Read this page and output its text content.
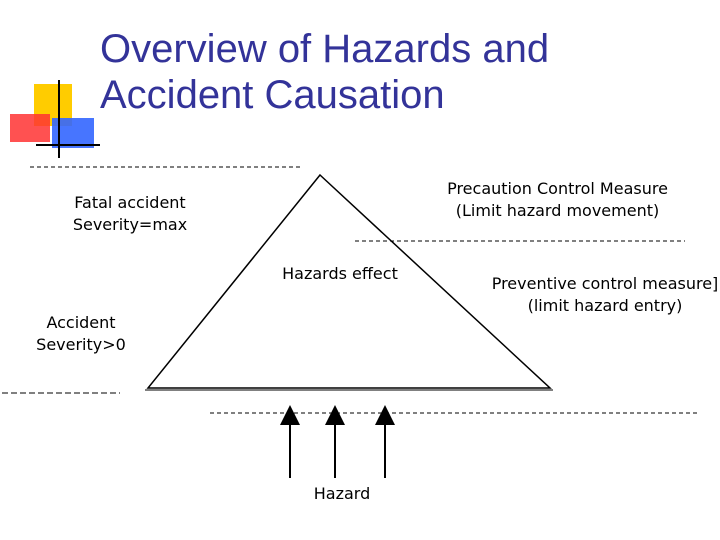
Overview of Hazards and
Accident Causation
Fatal accident
Severity=max
Accident
Severity>0
Hazards effect
Precaution Control Measure
(Limit hazard movement)
Preventive control measure]
(limit hazard entry)
Hazard
